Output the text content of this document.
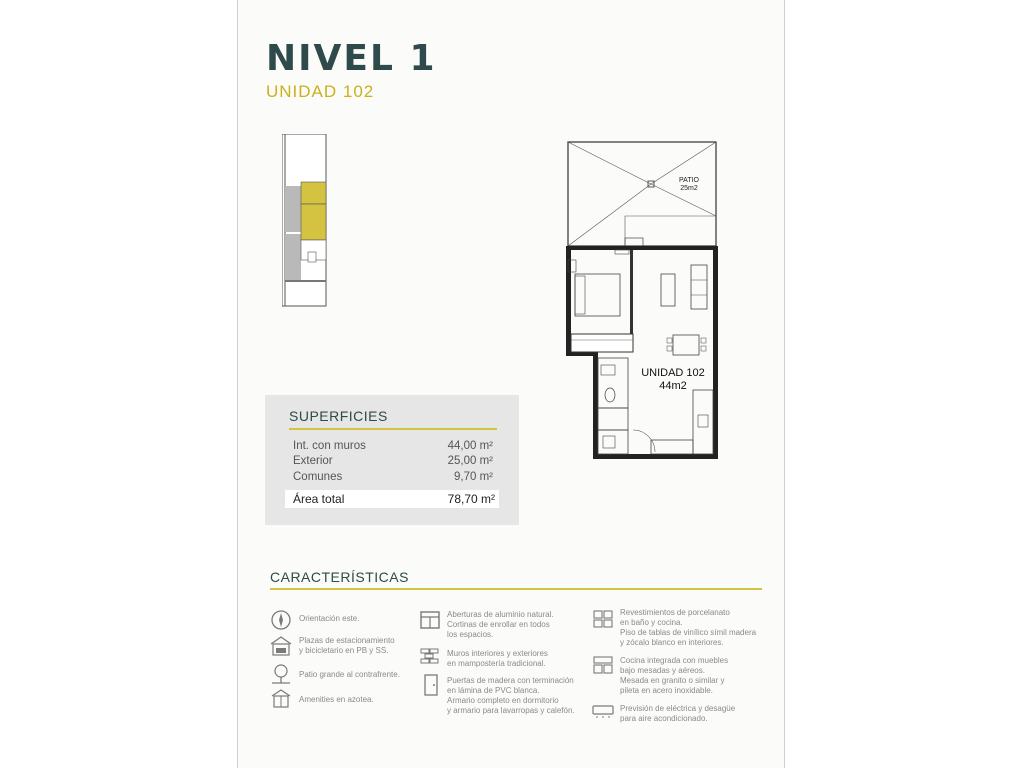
NIVEL 1
UNIDAD 102
PATIO
25m2
UNIDAD 102
44m2
SUPERFICIES
Int. con muros	44,00 m²
Exterior	25,00 m²
Comunes	9,70 m²
Área total	78,70 m²
CARACTERÍSTICAS
Orientación este.
Plazas de estacionamiento
y bicicletario en PB y SS.
Patio grande al contrafrente.
Amenities en azotea.
Aberturas de aluminio natural.
Cortinas de enrollar en todos
los espacios.
Muros interiores y exteriores
en mampostería tradicional.
Puertas de madera con terminación
en lámina de PVC blanca.
Armario completo en dormitorio
y armario para lavarropas y calefón.
Revestimientos de porcelanato
en baño y cocina.
Piso de tablas de vinílico símil madera
y zócalo blanco en interiores.
Cocina integrada con muebles
bajo mesadas y aéreos.
Mesada en granito o similar y
pileta en acero inoxidable.
Previsión de eléctrica y desagüe
para aire acondicionado.
